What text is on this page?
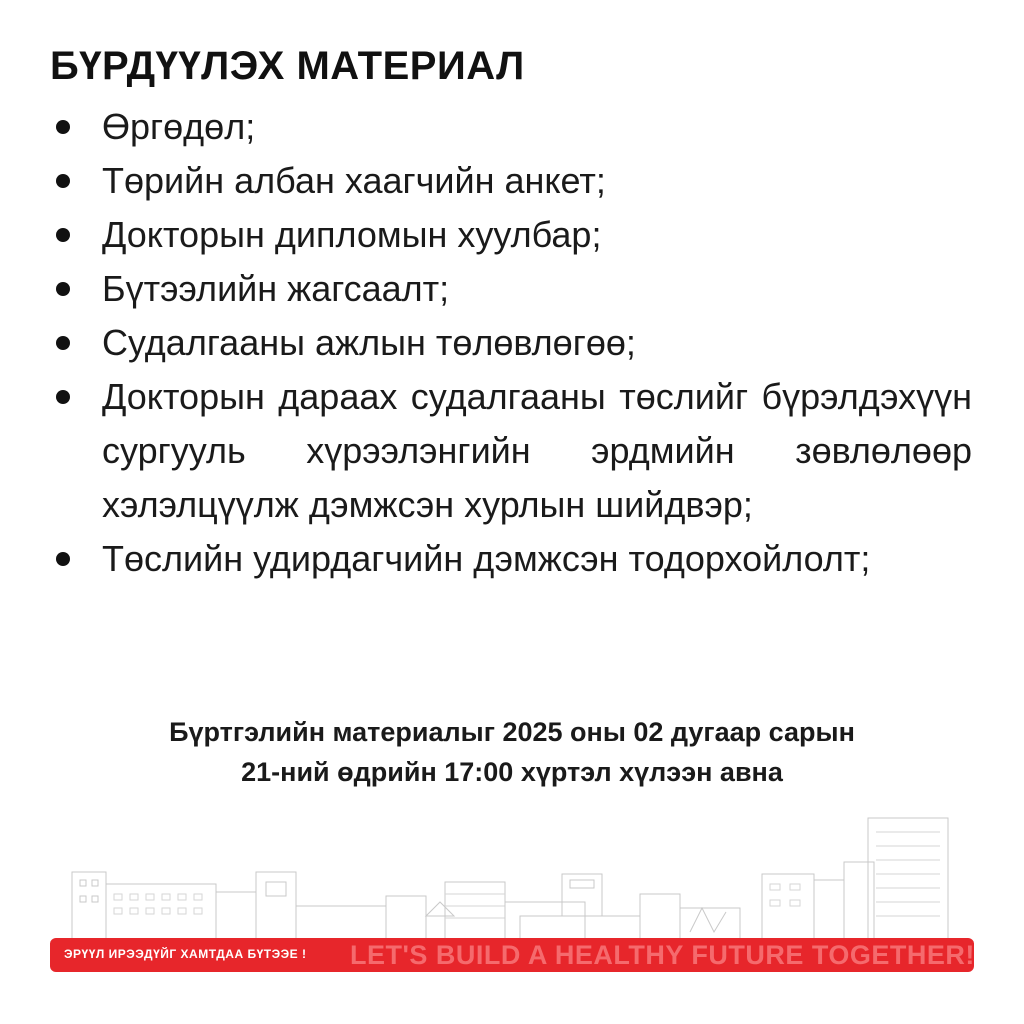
БҮРДҮҮЛЭХ МАТЕРИАЛ
Өргөдөл;
Төрийн албан хаагчийн анкет;
Докторын дипломын хуулбар;
Бүтээлийн жагсаалт;
Судалгааны ажлын төлөвлөгөө;
Докторын дараах судалгааны төслийг бүрэлдэхүүн сургууль хүрээлэнгийн эрдмийн зөвлөлөөр хэлэлцүүлж дэмжсэн хурлын шийдвэр;
Төслийн удирдагчийн дэмжсэн тодорхойлолт;
Бүртгэлийн материалыг 2025 оны 02 дугаар сарын
21-ний өдрийн 17:00 хүртэл хүлээн авна
ЭРҮҮЛ ИРЭЭДҮЙГ ХАМТДАА БҮТЭЭЕ ! LET'S BUILD A HEALTHY FUTURE TOGETHER!
